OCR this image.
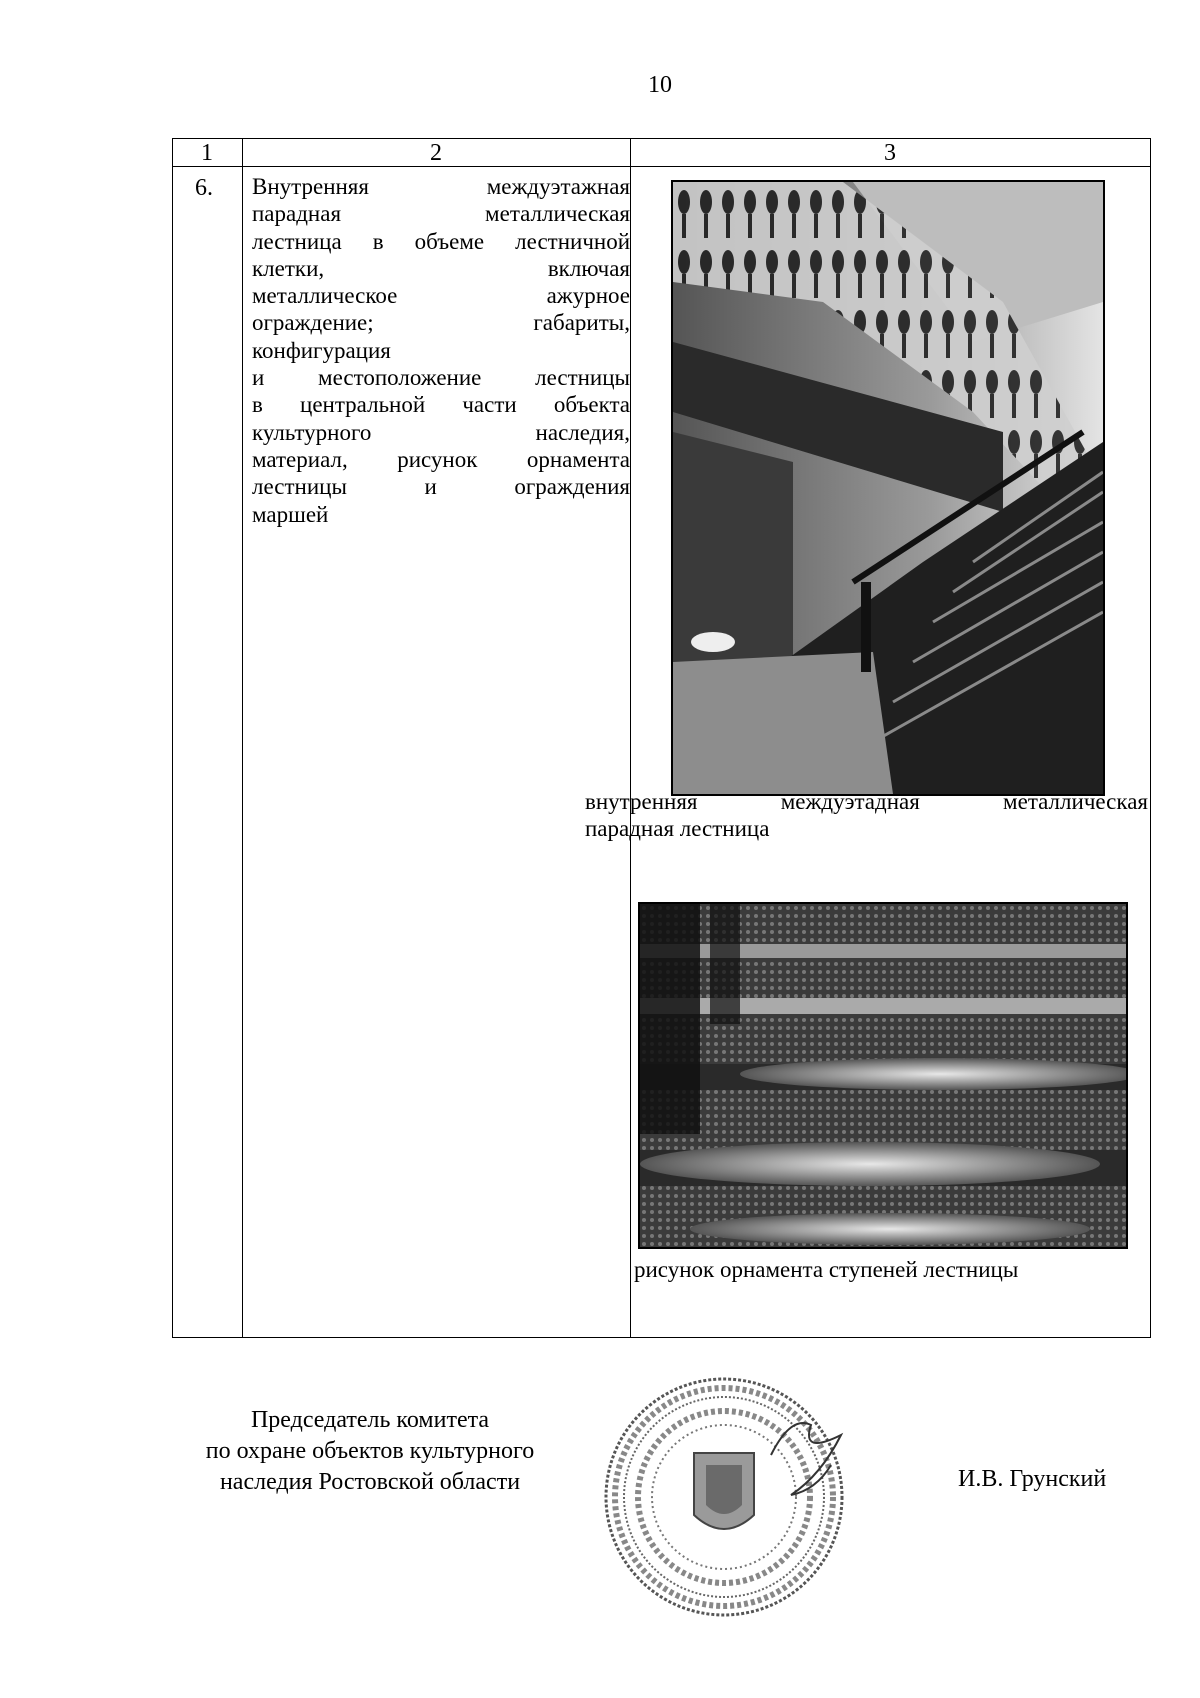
10
1	2	3
6. Внутренняя междуэтажная
парадная металлическая
лестница в объеме лестничной
клетки, включая
металлическое ажурное
ограждение; габариты,
конфигурация
и местоположение лестницы
в центральной части объекта
культурного наследия,
материал, рисунок орнамента
лестницы и ограждения
маршей
внутренняя междуэтадная металлическая
парадная лестница
рисунок орнамента ступеней лестницы
Председатель комитета
по охране объектов культурного
наследия Ростовской области	И.В. Грунский
